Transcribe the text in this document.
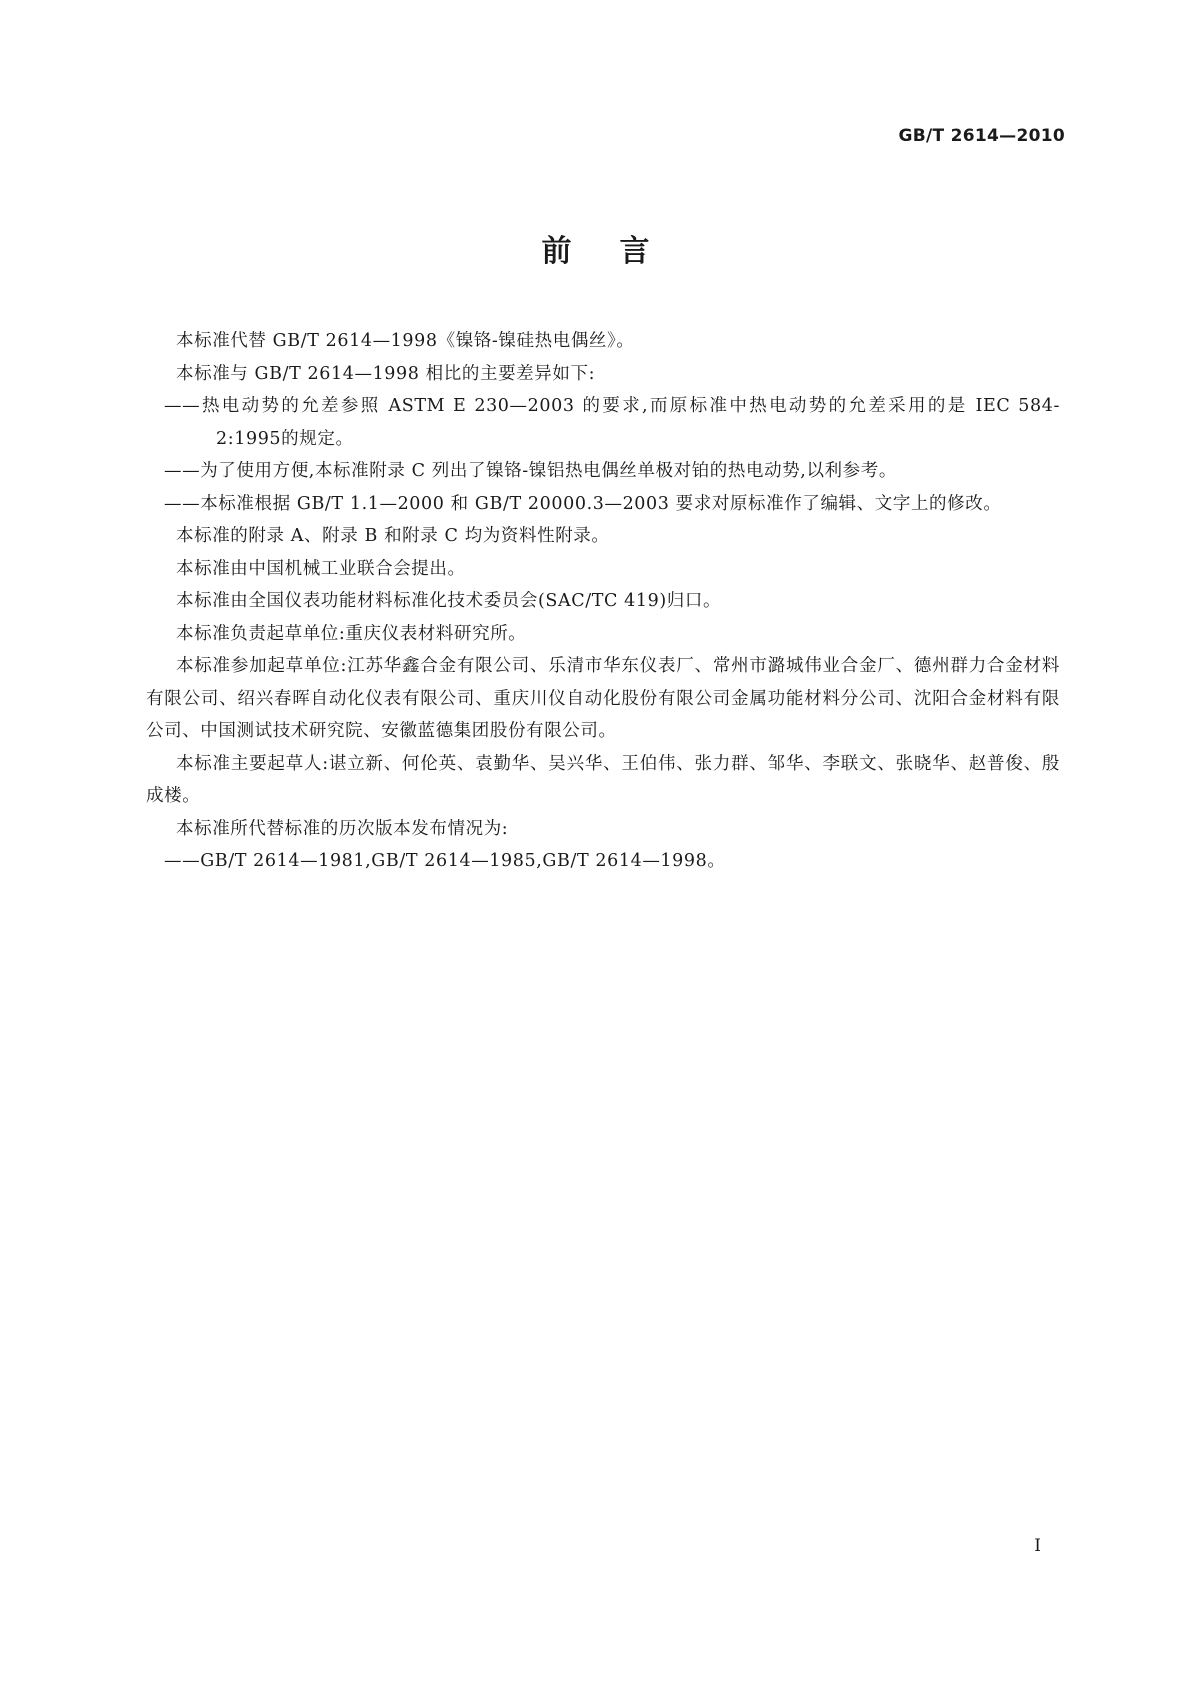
GB/T 2614—2010
前言

本标准代替 GB/T 2614—1998《镍铬-镍硅热电偶丝》。

本标准与 GB/T 2614—1998 相比的主要差异如下:

——热电动势的允差参照 ASTM E 230—2003 的要求,而原标准中热电动势的允差采用的是 IEC 584-2:1995的规定。

——为了使用方便,本标准附录 C 列出了镍铬-镍铝热电偶丝单极对铂的热电动势,以利参考。

——本标准根据 GB/T 1.1—2000 和 GB/T 20000.3—2003 要求对原标准作了编辑、文字上的修改。

本标准的附录 A、附录 B 和附录 C 均为资料性附录。

本标准由中国机械工业联合会提出。

本标准由全国仪表功能材料标准化技术委员会(SAC/TC 419)归口。

本标准负责起草单位:重庆仪表材料研究所。

本标准参加起草单位:江苏华鑫合金有限公司、乐清市华东仪表厂、常州市潞城伟业合金厂、德州群力合金材料有限公司、绍兴春晖自动化仪表有限公司、重庆川仪自动化股份有限公司金属功能材料分公司、沈阳合金材料有限公司、中国测试技术研究院、安徽蓝德集团股份有限公司。

本标准主要起草人:谌立新、何伦英、袁勤华、吴兴华、王伯伟、张力群、邹华、李联文、张晓华、赵普俊、殷成楼。

本标准所代替标准的历次版本发布情况为:

——GB/T 2614—1981,GB/T 2614—1985,GB/T 2614—1998。

I
